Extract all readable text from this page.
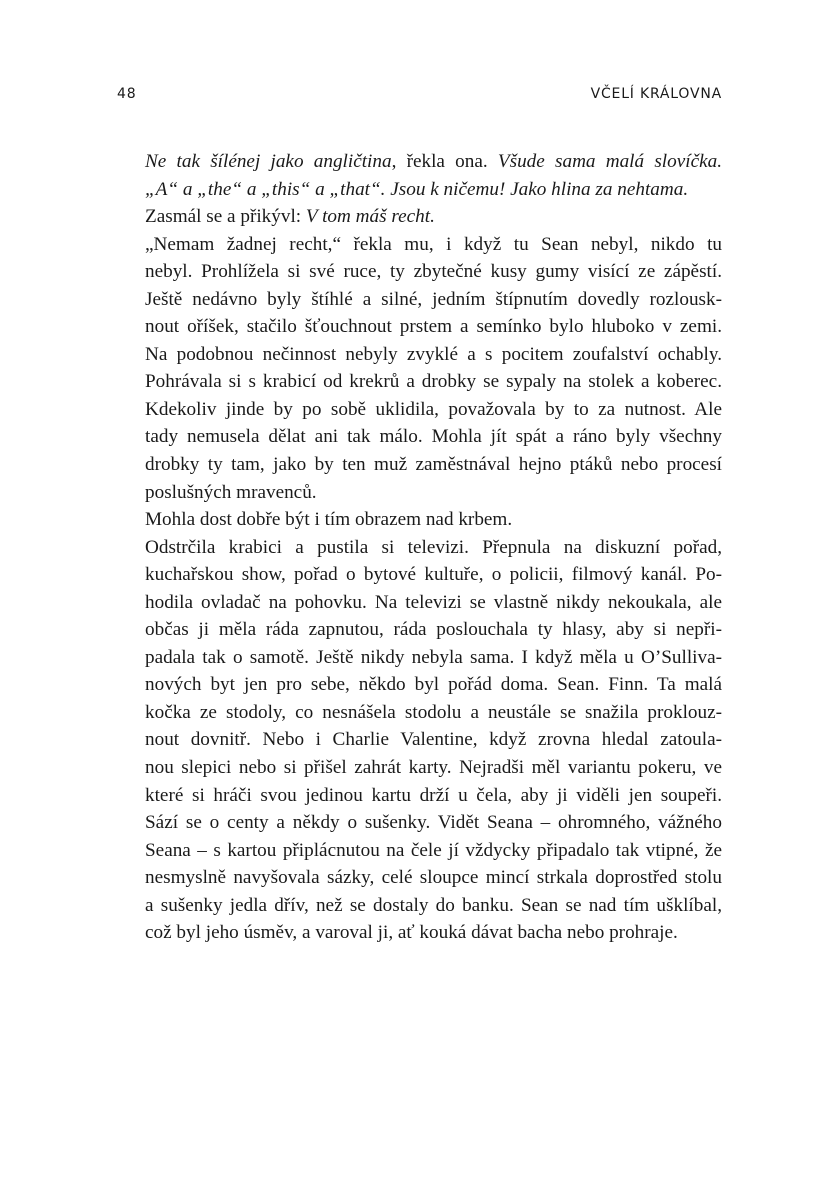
48	VČELÍ KRÁLOVNA

Ne tak šílénej jako angličtina, řekla ona. Všude sama malá slovíčka.
„A“ a „the“ a „this“ a „that“. Jsou k ničemu! Jako hlina za nehtama.

Zasmál se a přikývl: V tom máš recht.

„Nemam žadnej recht,“ řekla mu, i když tu Sean nebyl, nikdo tu
nebyl. Prohlížela si své ruce, ty zbytečné kusy gumy visící ze zápěstí.
Ještě nedávno byly štíhlé a silné, jedním štípnutím dovedly rozlousk-
nout oříšek, stačilo šťouchnout prstem a semínko bylo hluboko v zemi.
Na podobnou nečinnost nebyly zvyklé a s pocitem zoufalství ochably.
Pohrávala si s krabicí od krekrů a drobky se sypaly na stolek a koberec.
Kdekoliv jinde by po sobě uklidila, považovala by to za nutnost. Ale
tady nemusela dělat ani tak málo. Mohla jít spát a ráno byly všechny
drobky ty tam, jako by ten muž zaměstnával hejno ptáků nebo procesí
poslušných mravenců.

Mohla dost dobře být i tím obrazem nad krbem.

Odstrčila krabici a pustila si televizi. Přepnula na diskuzní pořad,
kuchařskou show, pořad o bytové kultuře, o policii, filmový kanál. Po-
hodila ovladač na pohovku. Na televizi se vlastně nikdy nekoukala, ale
občas ji měla ráda zapnutou, ráda poslouchala ty hlasy, aby si nepři-
padala tak o samotě. Ještě nikdy nebyla sama. I když měla u O’Sulliva-
nových byt jen pro sebe, někdo byl pořád doma. Sean. Finn. Ta malá
kočka ze stodoly, co nesnášela stodolu a neustále se snažila proklouz-
nout dovnitř. Nebo i Charlie Valentine, když zrovna hledal zatoula-
nou slepici nebo si přišel zahrát karty. Nejradši měl variantu pokeru, ve
které si hráči svou jedinou kartu drží u čela, aby ji viděli jen soupeři.
Sází se o centy a někdy o sušenky. Vidět Seana – ohromného, vážného
Seana – s kartou připlácnutou na čele jí vždycky připadalo tak vtipné, že
nesmyslně navyšovala sázky, celé sloupce mincí strkala doprostřed stolu
a sušenky jedla dřív, než se dostaly do banku. Sean se nad tím ušklíbal,
což byl jeho úsměv, a varoval ji, ať kouká dávat bacha nebo prohraje.
